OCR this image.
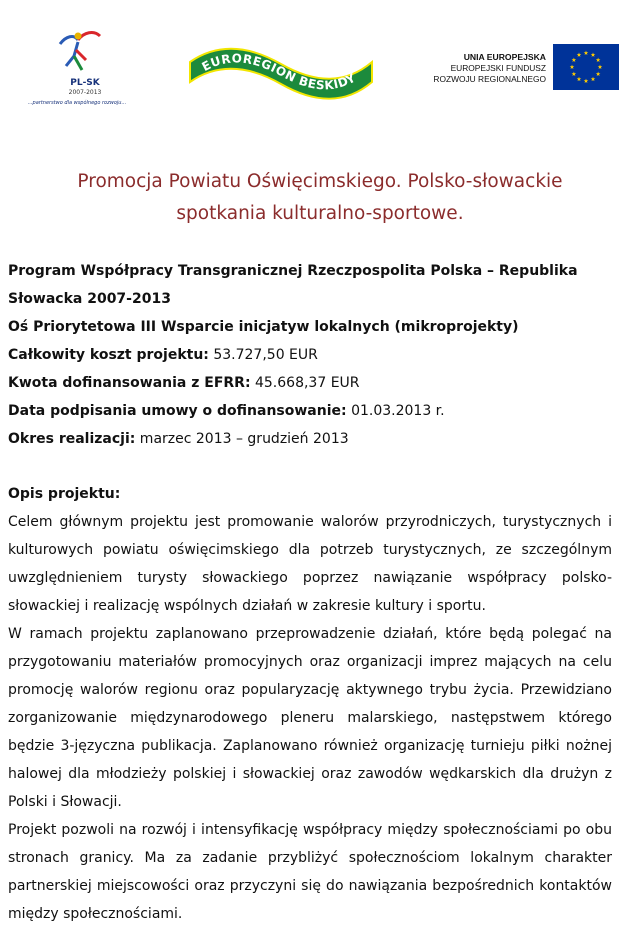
PL-SK
2007-2013
...partnerstwo dla wspólnego rozwoju...
EUROREGION BESKIDY
UNIA EUROPEJSKA
EUROPEJSKI FUNDUSZ
ROZWOJU REGIONALNEGO
Promocja Powiatu Oświęcimskiego. Polsko-słowackie
spotkania kulturalno-sportowe.
Program Współpracy Transgranicznej Rzeczpospolita Polska – Republika
Słowacka 2007-2013
Oś Priorytetowa III Wsparcie inicjatyw lokalnych (mikroprojekty)
Całkowity koszt projektu: 53.727,50 EUR
Kwota dofinansowania z EFRR: 45.668,37 EUR
Data podpisania umowy o dofinansowanie: 01.03.2013 r.
Okres realizacji: marzec 2013 – grudzień 2013
Opis projektu:

Celem głównym projektu jest promowanie walorów przyrodniczych, turystycznych i kulturowych powiatu oświęcimskiego dla potrzeb turystycznych, ze szczególnym uwzględnieniem turysty słowackiego poprzez nawiązanie współpracy polsko-słowackiej i realizację wspólnych działań w zakresie kultury i sportu.

W ramach projektu zaplanowano przeprowadzenie działań, które będą polegać na przygotowaniu materiałów promocyjnych oraz organizacji imprez mających na celu promocję walorów regionu oraz popularyzację aktywnego trybu życia. Przewidziano zorganizowanie międzynarodowego pleneru malarskiego, następstwem którego będzie 3-języczna publikacja. Zaplanowano również organizację turnieju piłki nożnej halowej dla młodzieży polskiej i słowackiej oraz zawodów wędkarskich dla drużyn z Polski i Słowacji.

Projekt pozwoli na rozwój i intensyfikację współpracy między społecznościami po obu stronach granicy. Ma za zadanie przybliżyć społecznościom lokalnym charakter partnerskiej miejscowości oraz przyczyni się do nawiązania bezpośrednich kontaktów między społecznościami.
